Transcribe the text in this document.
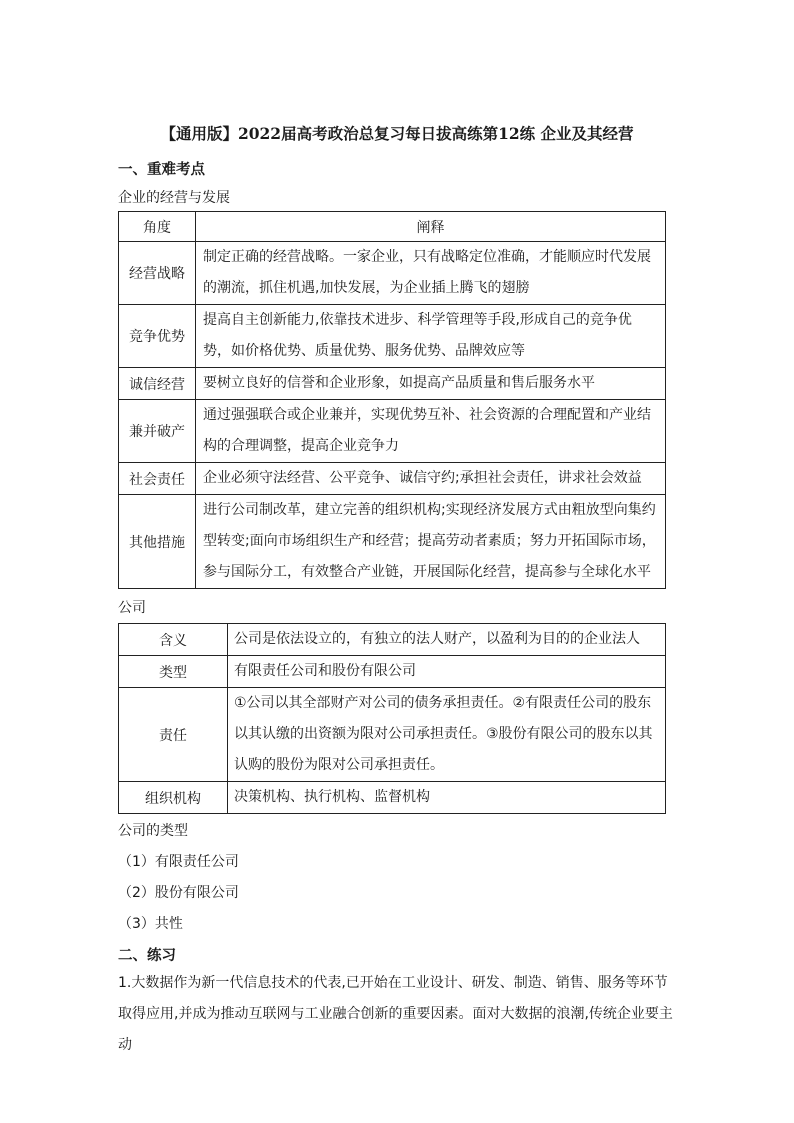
【通用版】2022届高考政治总复习每日拔高练第12练 企业及其经营
一、重难考点
企业的经营与发展
角度	阐释
经营战略	制定正确的经营战略。一家企业，只有战略定位准确，才能顺应时代发展的潮流，抓住机遇,加快发展，为企业插上腾飞的翅膀
竞争优势	提高自主创新能力,依靠技术进步、科学管理等手段,形成自己的竞争优势，如价格优势、质量优势、服务优势、品牌效应等
诚信经营	要树立良好的信誉和企业形象，如提高产品质量和售后服务水平
兼并破产	通过强强联合或企业兼并，实现优势互补、社会资源的合理配置和产业结构的合理调整，提高企业竞争力
社会责任	企业必须守法经营、公平竞争、诚信守约;承担社会责任，讲求社会效益
其他措施	进行公司制改革，建立完善的组织机构;实现经济发展方式由粗放型向集约型转变;面向市场组织生产和经营；提高劳动者素质；努力开拓国际市场，参与国际分工，有效整合产业链，开展国际化经营，提高参与全球化水平
公司
含义	公司是依法设立的，有独立的法人财产，以盈利为目的的企业法人
类型	有限责任公司和股份有限公司
责任	①公司以其全部财产对公司的债务承担责任。②有限责任公司的股东以其认缴的出资额为限对公司承担责任。③股份有限公司的股东以其认购的股份为限对公司承担责任。
组织机构	决策机构、执行机构、监督机构
公司的类型
（1）有限责任公司
（2）股份有限公司
（3）共性
二、练习

1.大数据作为新一代信息技术的代表,已开始在工业设计、研发、制造、销售、服务等环节取得应用,并成为推动互联网与工业融合创新的重要因素。面对大数据的浪潮,传统企业要主动
